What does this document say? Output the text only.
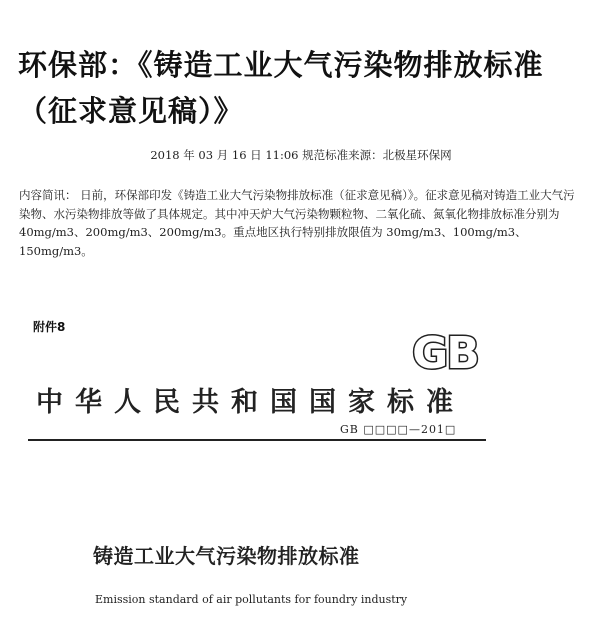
环保部：《铸造工业大气污染物排放标准（征求意见稿）》
2018 年 03 月 16 日 11:06 规范标准来源：北极星环保网

内容简讯： 日前，环保部印发《铸造工业大气污染物排放标准（征求意见稿）》。征求意见稿对铸造工业大气污染物、水污染物排放等做了具体规定。其中冲天炉大气污染物颗粒物、二氧化硫、氮氧化物排放标准分别为 40mg/m3、200mg/m3、200mg/m3。重点地区执行特别排放限值为 30mg/m3、100mg/m3、150mg/m3。

附件8
GB
中华人民共和国国家标准
GB □□□□—201□
铸造工业大气污染物排放标准
Emission standard of air pollutants for foundry industry
